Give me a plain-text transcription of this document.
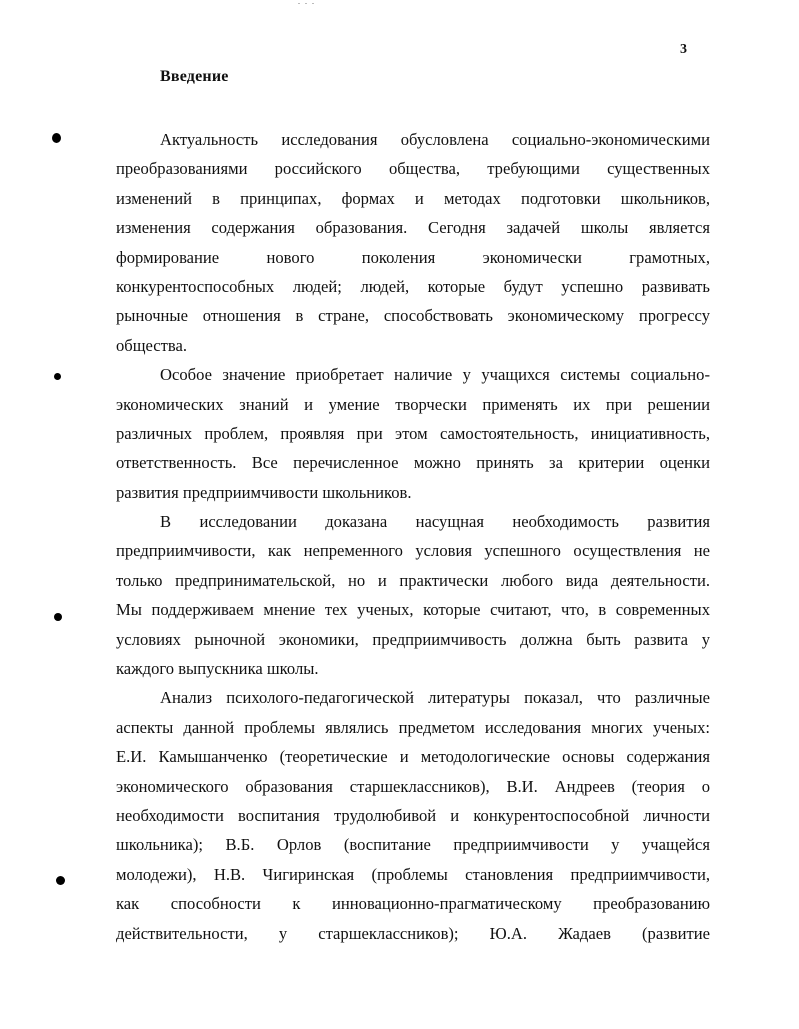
3
Введение
Актуальность исследования обусловлена социально-экономическими
преобразованиями российского общества, требующими существенных
изменений в принципах, формах и методах подготовки школьников,
изменения содержания образования. Сегодня задачей школы является
формирование нового поколения экономически грамотных,
конкурентоспособных людей; людей, которые будут успешно развивать
рыночные отношения в стране, способствовать экономическому прогрессу
общества.
Особое значение приобретает наличие у учащихся системы социально-
экономических знаний и умение творчески применять их при решении
различных проблем, проявляя при этом самостоятельность, инициативность,
ответственность. Все перечисленное можно принять за критерии оценки
развития предприимчивости школьников.
В исследовании доказана насущная необходимость развития
предприимчивости, как непременного условия успешного осуществления не
только предпринимательской, но и практически любого вида деятельности.
Мы поддерживаем мнение тех ученых, которые считают, что, в современных
условиях рыночной экономики, предприимчивость должна быть развита у
каждого выпускника школы.
Анализ психолого-педагогической литературы показал, что различные
аспекты данной проблемы являлись предметом исследования многих ученых:
Е.И. Камышанченко (теоретические и методологические основы содержания
экономического образования старшеклассников), В.И. Андреев (теория о
необходимости воспитания трудолюбивой и конкурентоспособной личности
школьника); В.Б. Орлов (воспитание предприимчивости у учащейся
молодежи), Н.В. Чигиринская (проблемы становления предприимчивости,
как способности к инновационно-прагматическому преобразованию
действительности, у старшеклассников); Ю.А. Жадаев (развитие
